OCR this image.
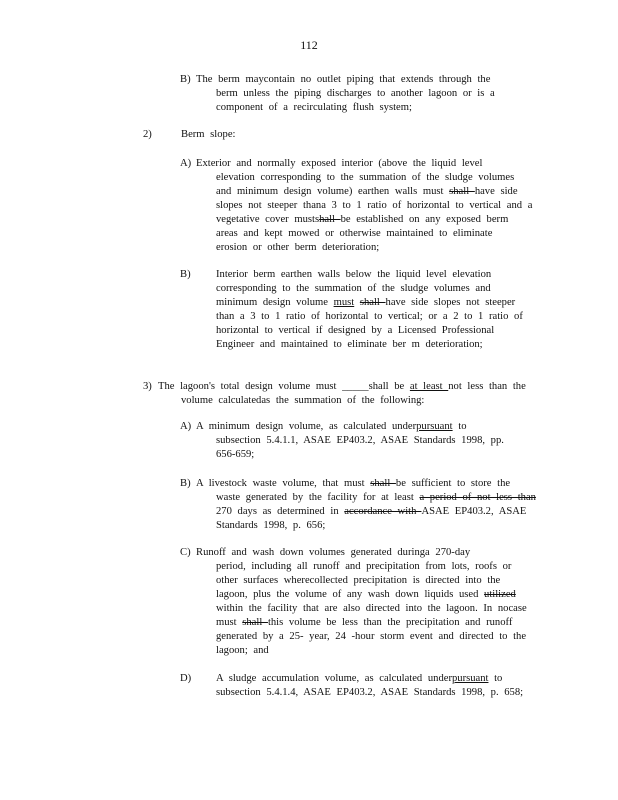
112
B)
2)	Berm slope:
A)
B)
3)
A)
B)
C)
D)
The berm maycontain no outlet piping that extends through the
berm unless the piping discharges to another lagoon or is a
component of a recirculating flush system;
Exterior and normally exposed interior (above the liquid level
elevation corresponding to the summation of the sludge volumes
and minimum design volume) earthen walls must shall have side
slopes not steeper thana 3 to 1 ratio of horizontal to vertical and a
vegetative cover mustshall be established on any exposed berm
areas and kept mowed or otherwise maintained to eliminate
erosion or other berm deterioration;
Interior berm earthen walls below the liquid level elevation
corresponding to the summation of the sludge volumes and
minimum design volume must shall have side slopes not steeper
than a 3 to 1 ratio of horizontal to vertical; or a 2 to 1 ratio of
horizontal to vertical if designed by a Licensed Professional
Engineer and maintained to eliminate ber m deterioration;
The lagoon's total design volume must _____shall be at least not less than the
volume calculatedas the summation of the following:
A minimum design volume, as calculated underpursuant to
subsection 5.4.1.1, ASAE EP403.2, ASAE Standards 1998, pp.
656-659;
A livestock waste volume, that must shall be sufficient to store the
waste generated by the facility for at least a period of not less than
270 days as determined in accordance with ASAE EP403.2, ASAE
Standards 1998, p. 656;
Runoff and wash down volumes generated duringa 270-day
period, including all runoff and precipitation from lots, roofs or
other surfaces wherecollected precipitation is directed into the
lagoon, plus the volume of any wash down liquids used utilized
within the facility that are also directed into the lagoon. In nocase
must shall this volume be less than the precipitation and runoff
generated by a 25- year, 24 -hour storm event and directed to the
lagoon; and
A sludge accumulation volume, as calculated underpursuant to
subsection 5.4.1.4, ASAE EP403.2, ASAE Standards 1998, p. 658;
